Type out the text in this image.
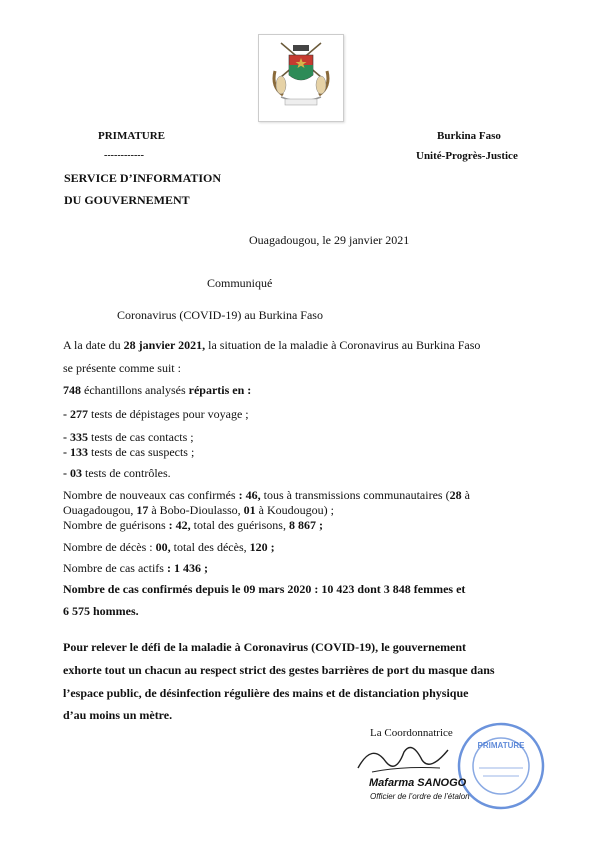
PRIMATURE
------------
SERVICE D’INFORMATION
DU GOUVERNEMENT
Burkina Faso
Unité-Progrès-Justice
Ouagadougou, le 29 janvier 2021
Communiqué
Coronavirus (COVID-19) au Burkina Faso
A la date du 28 janvier 2021, la situation de la maladie à Coronavirus au Burkina Faso
se présente comme suit :
748 échantillons analysés répartis en :
- 277 tests de dépistages pour voyage ;
- 335 tests de cas contacts ;
- 133 tests de cas suspects ;
- 03 tests de contrôles.
Nombre de nouveaux cas confirmés : 46, tous à transmissions communautaires (28 à
Ouagadougou, 17 à Bobo-Dioulasso, 01 à Koudougou) ;
Nombre de guérisons : 42, total des guérisons, 8 867 ;
Nombre de décès : 00, total des décès, 120 ;
Nombre de cas actifs : 1 436 ;
Nombre de cas confirmés depuis le 09 mars 2020 : 10 423 dont 3 848 femmes et
6 575 hommes.
Pour relever le défi de la maladie à Coronavirus (COVID-19), le gouvernement
exhorte tout un chacun au respect strict des gestes barrières de port du masque dans
l’espace public, de désinfection régulière des mains et de distanciation physique
d’au moins un mètre.
La Coordonnatrice
PRIMATURE
Mafarma SANOGO
Officier de l’ordre de l’étalon
